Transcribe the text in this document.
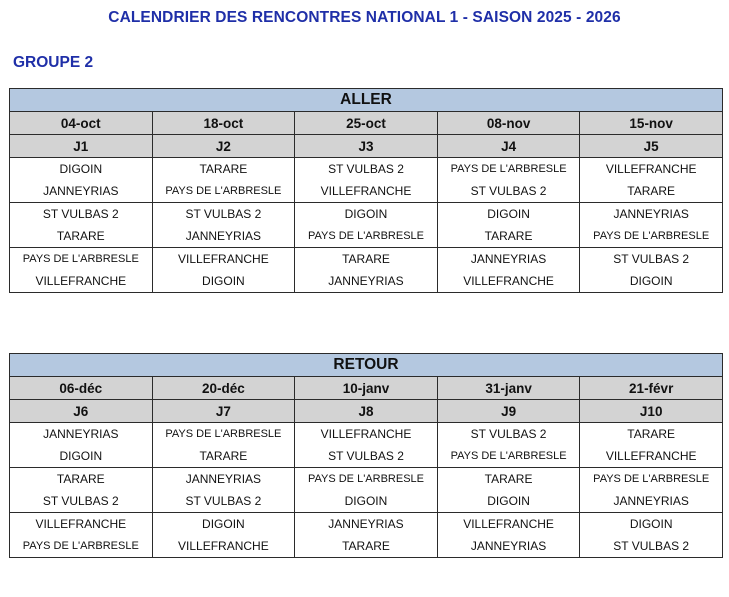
CALENDRIER DES RENCONTRES NATIONAL 1 - SAISON 2025 - 2026
GROUPE 2
ALLER				
04-oct	18-oct	25-oct	08-nov	15-nov
J1	J2	J3	J4	J5
DIGOIN	TARARE	ST VULBAS 2	PAYS DE L'ARBRESLE	VILLEFRANCHE
JANNEYRIAS	PAYS DE L'ARBRESLE	VILLEFRANCHE	ST VULBAS 2	TARARE
ST VULBAS 2	ST VULBAS 2	DIGOIN	DIGOIN	JANNEYRIAS
TARARE	JANNEYRIAS	PAYS DE L'ARBRESLE	TARARE	PAYS DE L'ARBRESLE
PAYS DE L'ARBRESLE	VILLEFRANCHE	TARARE	JANNEYRIAS	ST VULBAS 2
VILLEFRANCHE	DIGOIN	JANNEYRIAS	VILLEFRANCHE	DIGOIN
RETOUR				
06-déc	20-déc	10-janv	31-janv	21-févr
J6	J7	J8	J9	J10
JANNEYRIAS	PAYS DE L'ARBRESLE	VILLEFRANCHE	ST VULBAS 2	TARARE
DIGOIN	TARARE	ST VULBAS 2	PAYS DE L'ARBRESLE	VILLEFRANCHE
TARARE	JANNEYRIAS	PAYS DE L'ARBRESLE	TARARE	PAYS DE L'ARBRESLE
ST VULBAS 2	ST VULBAS 2	DIGOIN	DIGOIN	JANNEYRIAS
VILLEFRANCHE	DIGOIN	JANNEYRIAS	VILLEFRANCHE	DIGOIN
PAYS DE L'ARBRESLE	VILLEFRANCHE	TARARE	JANNEYRIAS	ST VULBAS 2
